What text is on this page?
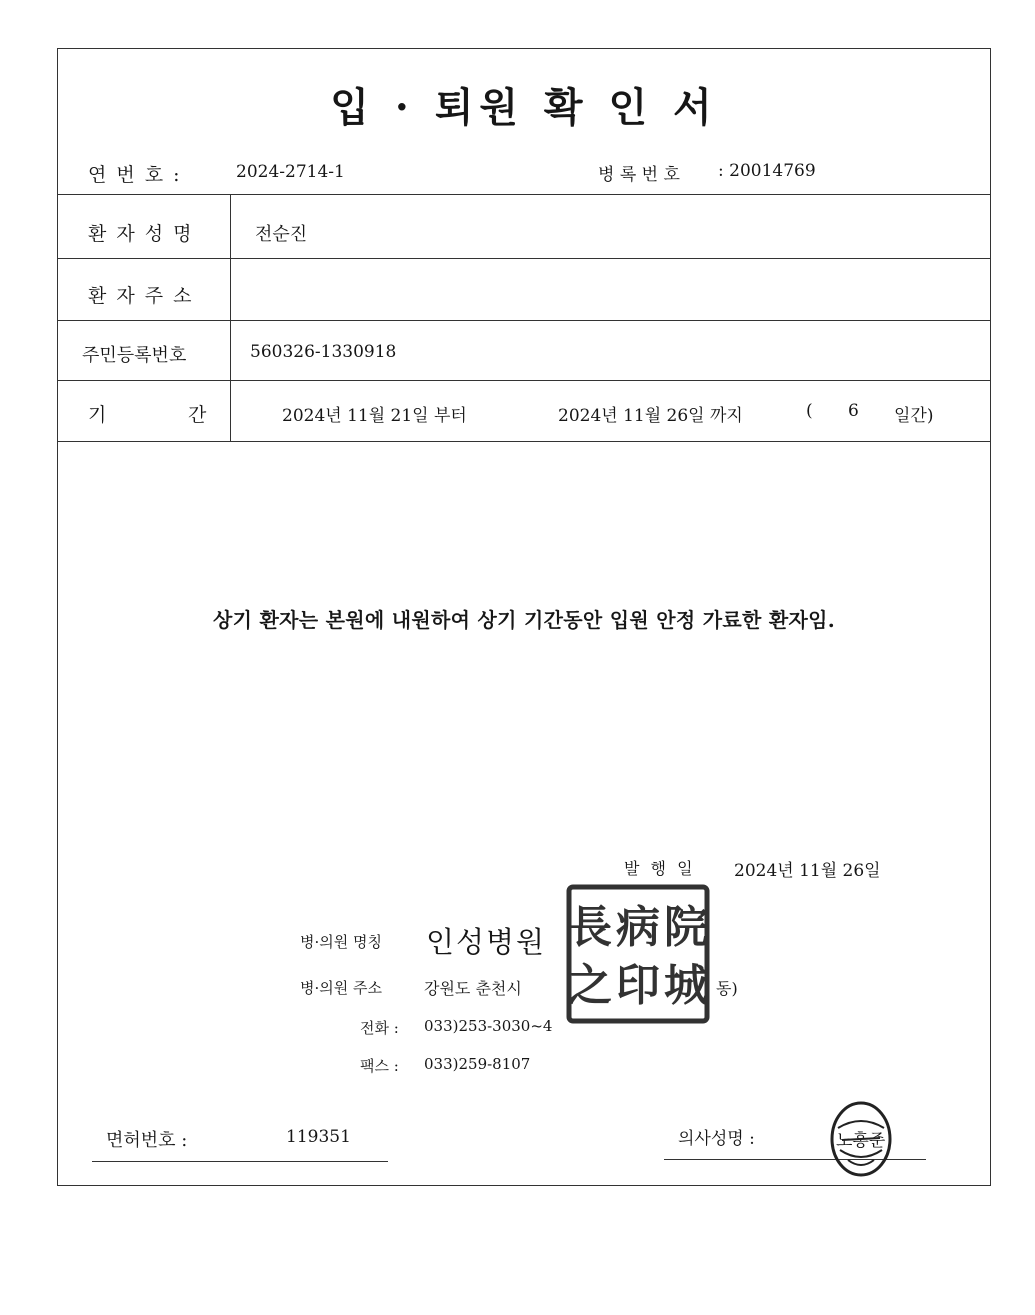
입 · 퇴원 확 인 서
연 번 호 :	2024-2714-1	병 록 번 호 : 20014769
환 자 성 명	전순진
환 자 주 소
주민등록번호	560326-1330918
기	간	2024년 11월 21일 부터	2024년 11월 26일 까지	( 6 일간)
상기 환자는 본원에 내원하여 상기 기간동안 입원 안정 가료한 환자임.
발 행 일 2024년 11월 26일
병·의원 명칭 인성병원
병·의원 주소	강원도 춘천시	동)
전화 : 033)253-3030~4
팩스 : 033)259-8107
長 病 院
之 印 城
면허번호 :	119351	의사성명 :	노홍준
